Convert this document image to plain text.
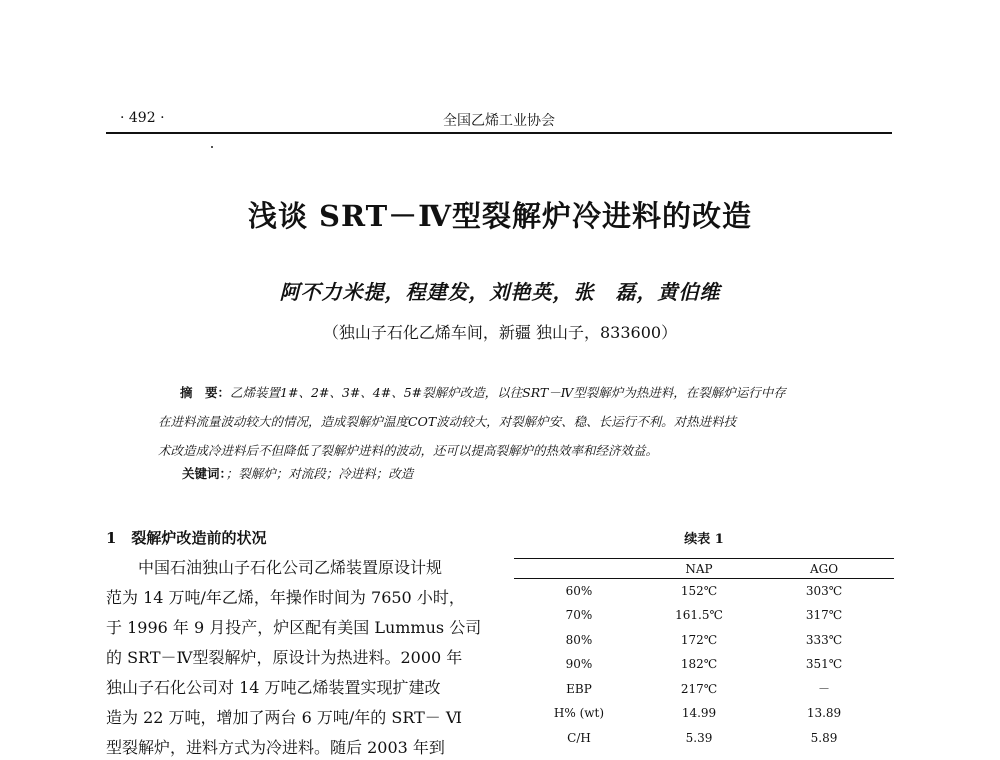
· 492 ·	全国乙烯工业协会
浅谈 SRT－Ⅳ型裂解炉冷进料的改造
阿不力米提，程建发，刘艳英，张　磊，黄伯维
（独山子石化乙烯车间，新疆 独山子，833600）
摘　要：乙烯装置1#、2#、3#、4#、5#裂解炉改造，以往SRT－Ⅳ型裂解炉为热进料，在裂解炉运行中存
在进料流量波动较大的情况，造成裂解炉温度COT波动较大，对裂解炉安、稳、长运行不利。对热进料技
术改造成冷进料后不但降低了裂解炉进料的波动，还可以提高裂解炉的热效率和经济效益。
关键词：；裂解炉；对流段；冷进料；改造
1　裂解炉改造前的状况
中国石油独山子石化公司乙烯装置原设计规
范为 14 万吨/年乙烯，年操作时间为 7650 小时，
于 1996 年 9 月投产，炉区配有美国 Lummus 公司
的 SRT－Ⅳ型裂解炉，原设计为热进料。2000 年
独山子石化公司对 14 万吨乙烯装置实现扩建改
造为 22 万吨，增加了两台 6 万吨/年的 SRT－ Ⅵ
型裂解炉，进料方式为冷进料。随后 2003 年到
续表 1
	NAP	AGO
60%	152℃	303℃
70%	161.5℃	317℃
80%	172℃	333℃
90%	182℃	351℃
EBP	217℃	－
H% (wt)	14.99	13.89
C/H	5.39	5.89
